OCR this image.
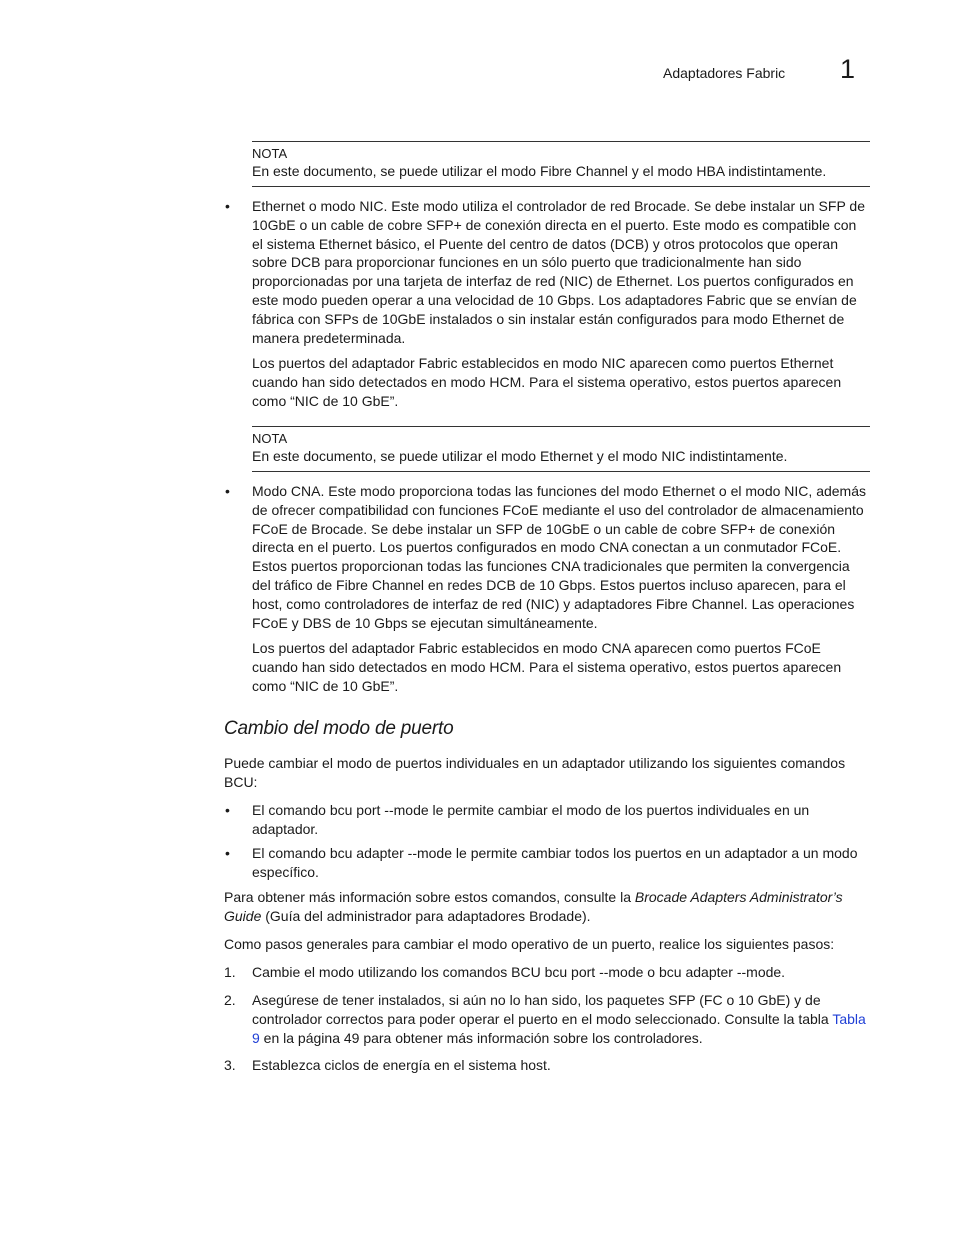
Adaptadores Fabric 1
NOTA
En este documento, se puede utilizar el modo Fibre Channel y el modo HBA indistintamente.
• Ethernet o modo NIC. Este modo utiliza el controlador de red Brocade. Se debe instalar un SFP de 10GbE o un cable de cobre SFP+ de conexión directa en el puerto. Este modo es compatible con el sistema Ethernet básico, el Puente del centro de datos (DCB) y otros protocolos que operan sobre DCB para proporcionar funciones en un sólo puerto que tradicionalmente han sido proporcionadas por una tarjeta de interfaz de red (NIC) de Ethernet. Los puertos configurados en este modo pueden operar a una velocidad de 10 Gbps. Los adaptadores Fabric que se envían de fábrica con SFPs de 10GbE instalados o sin instalar están configurados para modo Ethernet de manera predeterminada.

Los puertos del adaptador Fabric establecidos en modo NIC aparecen como puertos Ethernet cuando han sido detectados en modo HCM. Para el sistema operativo, estos puertos aparecen como “NIC de 10 GbE”.

NOTA
En este documento, se puede utilizar el modo Ethernet y el modo NIC indistintamente.
• Modo CNA. Este modo proporciona todas las funciones del modo Ethernet o el modo NIC, además de ofrecer compatibilidad con funciones FCoE mediante el uso del controlador de almacenamiento FCoE de Brocade. Se debe instalar un SFP de 10GbE o un cable de cobre SFP+ de conexión directa en el puerto. Los puertos configurados en modo CNA conectan a un conmutador FCoE. Estos puertos proporcionan todas las funciones CNA tradicionales que permiten la convergencia del tráfico de Fibre Channel en redes DCB de 10 Gbps. Estos puertos incluso aparecen, para el host, como controladores de interfaz de red (NIC) y adaptadores Fibre Channel. Las operaciones FCoE y DBS de 10 Gbps se ejecutan simultáneamente.

Los puertos del adaptador Fabric establecidos en modo CNA aparecen como puertos FCoE cuando han sido detectados en modo HCM. Para el sistema operativo, estos puertos aparecen como “NIC de 10 GbE”.

Cambio del modo de puerto

Puede cambiar el modo de puertos individuales en un adaptador utilizando los siguientes comandos BCU:

• El comando bcu port --mode le permite cambiar el modo de los puertos individuales en un adaptador.

• El comando bcu adapter --mode le permite cambiar todos los puertos en un adaptador a un modo específico.

Para obtener más información sobre estos comandos, consulte la Brocade Adapters Administrator’s Guide (Guía del administrador para adaptadores Brodade).

Como pasos generales para cambiar el modo operativo de un puerto, realice los siguientes pasos:

1. Cambie el modo utilizando los comandos BCU bcu port --mode o bcu adapter --mode.

2. Asegúrese de tener instalados, si aún no lo han sido, los paquetes SFP (FC o 10 GbE) y de controlador correctos para poder operar el puerto en el modo seleccionado. Consulte la tabla Tabla 9 en la página 49 para obtener más información sobre los controladores.

3. Establezca ciclos de energía en el sistema host.
